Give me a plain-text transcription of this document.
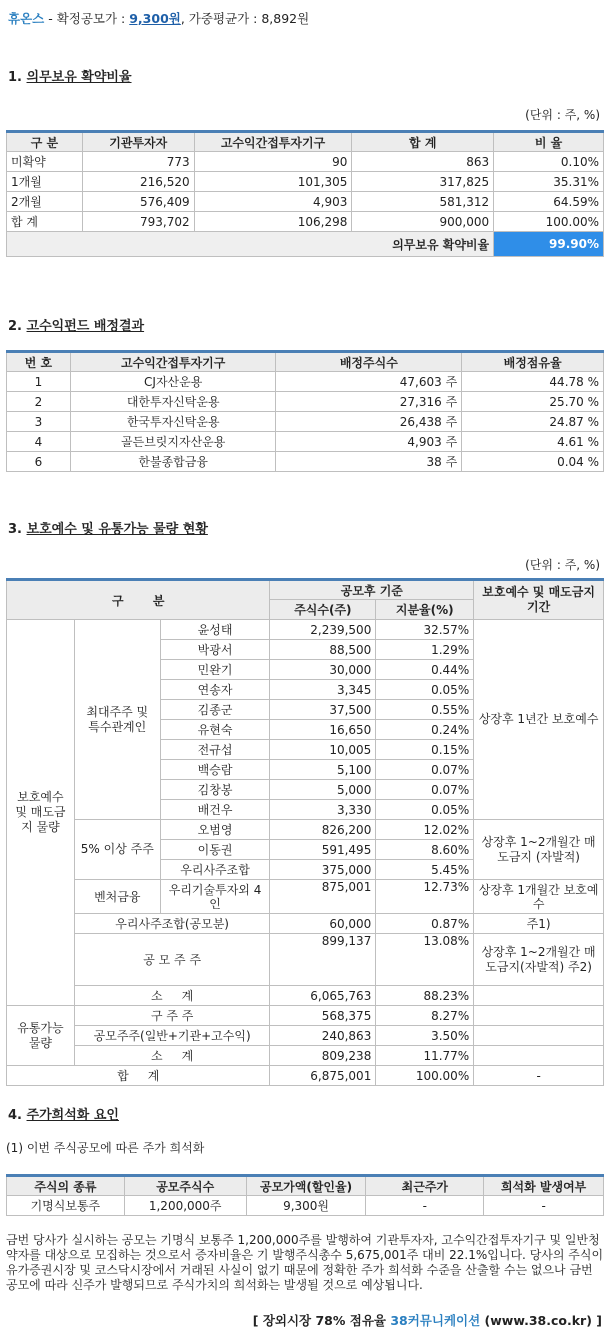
휴온스 - 확정공모가 : 9,300원, 가중평균가 : 8,892원
1. 의무보유 확약비율
(단위 : 주, %)
구 분	기관투자자	고수익간접투자기구	합 계	비 율
미확약	773	90	863	0.10%
1개월	216,520	101,305	317,825	35.31%
2개월	576,409	4,903	581,312	64.59%
합 계	793,702	106,298	900,000	100.00%
의무보유 확약비율				99.90%
2. 고수익펀드 배정결과
번 호	고수익간접투자기구	배정주식수	배정점유율
1	CJ자산운용	47,603 주	44.78 %
2	대한투자신탁운용	27,316 주	25.70 %
3	한국투자신탁운용	26,438 주	24.87 %
4	골든브릿지자산운용	4,903 주	4.61 %
6	한불종합금융	38 주	0.04 %
3. 보호예수 및 유통가능 물량 현황
(단위 : 주, %)
구       분			공모후 기준		보호예수 및 매도금지 기간
			주식수(주)	지분율(%)	
보호예수 및 매도금지 물량	최대주주 및 특수관계인	윤성태	2,239,500	32.57%	상장후 1년간 보호예수
		박광서	88,500	1.29%	
		민완기	30,000	0.44%	
		연송자	3,345	0.05%	
		김종군	37,500	0.55%	
		유현숙	16,650	0.24%	
		전규섭	10,005	0.15%	
		백승람	5,100	0.07%	
		김창봉	5,000	0.07%	
		배건우	3,330	0.05%	
	5% 이상 주주	오범영	826,200	12.02%	상장후 1~2개월간 매도금지 (자발적)
		이동권	591,495	8.60%	
		우리사주조합	375,000	5.45%	
	벤처금융	우리기술투자외 4인	875,001	12.73%	상장후 1개월간 보호예수
	우리사주조합(공모분)		60,000	0.87%	주1)
	공 모 주 주		899,137	13.08%	상장후 1~2개월간 매도금지(자발적) 주2)
	소     계		6,065,763	88.23%	
유통가능 물량	구 주 주		568,375	8.27%	
	공모주주(일반+기관+고수익)		240,863	3.50%	
	소     계		809,238	11.77%	
합     계			6,875,001	100.00%	-
4. 주가희석화 요인
(1) 이번 주식공모에 따른 주가 희석화
주식의 종류	공모주식수	공모가액(할인율)	최근주가	희석화 발생여부
기명식보통주	1,200,000주	9,300원	-	-
금번 당사가 실시하는 공모는 기명식 보통주 1,200,000주를 발행하여 기관투자자, 고수익간접투자기구 및 일반청약자를 대상으로 모집하는 것으로서 증자비율은 기 발행주식총수 5,675,001주 대비 22.1%입니다. 당사의 주식이 유가증권시장 및 코스닥시장에서 거래된 사실이 없기 때문에 정확한 주가 희석화 수준을 산출할 수는 없으나 금번 공모에 따라 신주가 발행되므로 주식가치의 희석화는 발생될 것으로 예상됩니다.
[ 장외시장 78% 점유율 38커뮤니케이션 (www.38.co.kr) ]
